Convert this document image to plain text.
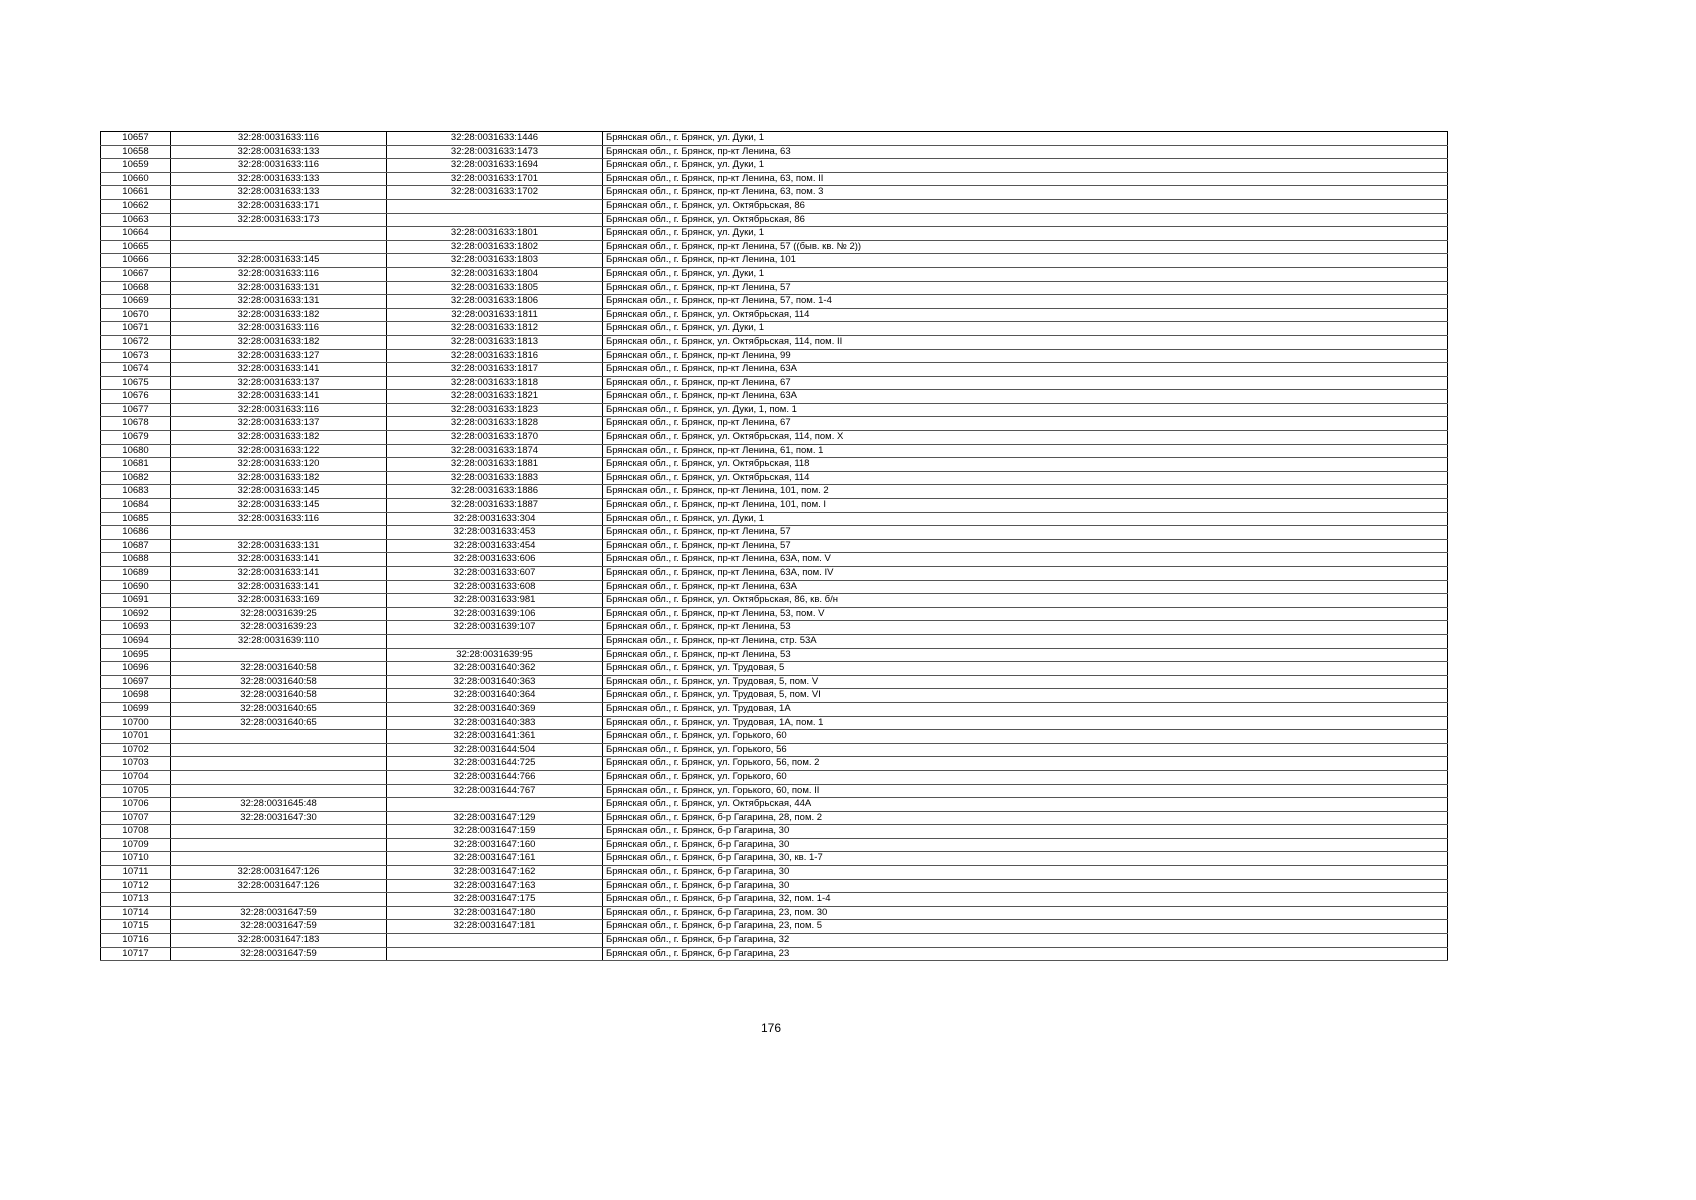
10657	32:28:0031633:116	32:28:0031633:1446	Брянская обл., г. Брянск, ул. Дуки, 1
10658	32:28:0031633:133	32:28:0031633:1473	Брянская обл., г. Брянск, пр-кт Ленина, 63
10659	32:28:0031633:116	32:28:0031633:1694	Брянская обл., г. Брянск, ул. Дуки, 1
10660	32:28:0031633:133	32:28:0031633:1701	Брянская обл., г. Брянск, пр-кт Ленина, 63, пом. II
10661	32:28:0031633:133	32:28:0031633:1702	Брянская обл., г. Брянск, пр-кт Ленина, 63, пом. 3
10662	32:28:0031633:171		Брянская обл., г. Брянск, ул. Октябрьская, 86
10663	32:28:0031633:173		Брянская обл., г. Брянск, ул. Октябрьская, 86
10664		32:28:0031633:1801	Брянская обл., г. Брянск, ул. Дуки, 1
10665		32:28:0031633:1802	Брянская обл., г. Брянск, пр-кт Ленина, 57 ((быв. кв. № 2))
10666	32:28:0031633:145	32:28:0031633:1803	Брянская обл., г. Брянск, пр-кт Ленина, 101
10667	32:28:0031633:116	32:28:0031633:1804	Брянская обл., г. Брянск, ул. Дуки, 1
10668	32:28:0031633:131	32:28:0031633:1805	Брянская обл., г. Брянск, пр-кт Ленина, 57
10669	32:28:0031633:131	32:28:0031633:1806	Брянская обл., г. Брянск, пр-кт Ленина, 57, пом. 1-4
10670	32:28:0031633:182	32:28:0031633:1811	Брянская обл., г. Брянск, ул. Октябрьская, 114
10671	32:28:0031633:116	32:28:0031633:1812	Брянская обл., г. Брянск, ул. Дуки, 1
10672	32:28:0031633:182	32:28:0031633:1813	Брянская обл., г. Брянск, ул. Октябрьская, 114, пом. II
10673	32:28:0031633:127	32:28:0031633:1816	Брянская обл., г. Брянск, пр-кт Ленина, 99
10674	32:28:0031633:141	32:28:0031633:1817	Брянская обл., г. Брянск, пр-кт Ленина, 63А
10675	32:28:0031633:137	32:28:0031633:1818	Брянская обл., г. Брянск, пр-кт Ленина, 67
10676	32:28:0031633:141	32:28:0031633:1821	Брянская обл., г. Брянск, пр-кт Ленина, 63А
10677	32:28:0031633:116	32:28:0031633:1823	Брянская обл., г. Брянск, ул. Дуки, 1, пом. 1
10678	32:28:0031633:137	32:28:0031633:1828	Брянская обл., г. Брянск, пр-кт Ленина, 67
10679	32:28:0031633:182	32:28:0031633:1870	Брянская обл., г. Брянск, ул. Октябрьская, 114, пом. X
10680	32:28:0031633:122	32:28:0031633:1874	Брянская обл., г. Брянск, пр-кт Ленина, 61, пом. 1
10681	32:28:0031633:120	32:28:0031633:1881	Брянская обл., г. Брянск, ул. Октябрьская, 118
10682	32:28:0031633:182	32:28:0031633:1883	Брянская обл., г. Брянск, ул. Октябрьская, 114
10683	32:28:0031633:145	32:28:0031633:1886	Брянская обл., г. Брянск, пр-кт Ленина, 101, пом. 2
10684	32:28:0031633:145	32:28:0031633:1887	Брянская обл., г. Брянск, пр-кт Ленина, 101, пом. I
10685	32:28:0031633:116	32:28:0031633:304	Брянская обл., г. Брянск, ул. Дуки, 1
10686		32:28:0031633:453	Брянская обл., г. Брянск, пр-кт Ленина, 57
10687	32:28:0031633:131	32:28:0031633:454	Брянская обл., г. Брянск, пр-кт Ленина, 57
10688	32:28:0031633:141	32:28:0031633:606	Брянская обл., г. Брянск, пр-кт Ленина, 63А, пом. V
10689	32:28:0031633:141	32:28:0031633:607	Брянская обл., г. Брянск, пр-кт Ленина, 63А, пом. IV
10690	32:28:0031633:141	32:28:0031633:608	Брянская обл., г. Брянск, пр-кт Ленина, 63А
10691	32:28:0031633:169	32:28:0031633:981	Брянская обл., г. Брянск, ул. Октябрьская, 86, кв. б/н
10692	32:28:0031639:25	32:28:0031639:106	Брянская обл., г. Брянск, пр-кт Ленина, 53, пом. V
10693	32:28:0031639:23	32:28:0031639:107	Брянская обл., г. Брянск, пр-кт Ленина, 53
10694	32:28:0031639:110		Брянская обл., г. Брянск, пр-кт Ленина, стр. 53А
10695		32:28:0031639:95	Брянская обл., г. Брянск, пр-кт Ленина, 53
10696	32:28:0031640:58	32:28:0031640:362	Брянская обл., г. Брянск, ул. Трудовая, 5
10697	32:28:0031640:58	32:28:0031640:363	Брянская обл., г. Брянск, ул. Трудовая, 5, пом. V
10698	32:28:0031640:58	32:28:0031640:364	Брянская обл., г. Брянск, ул. Трудовая, 5, пом. VI
10699	32:28:0031640:65	32:28:0031640:369	Брянская обл., г. Брянск, ул. Трудовая, 1А
10700	32:28:0031640:65	32:28:0031640:383	Брянская обл., г. Брянск, ул. Трудовая, 1А, пом. 1
10701		32:28:0031641:361	Брянская обл., г. Брянск, ул. Горького, 60
10702		32:28:0031644:504	Брянская обл., г. Брянск, ул. Горького, 56
10703		32:28:0031644:725	Брянская обл., г. Брянск, ул. Горького, 56, пом. 2
10704		32:28:0031644:766	Брянская обл., г. Брянск, ул. Горького, 60
10705		32:28:0031644:767	Брянская обл., г. Брянск, ул. Горького, 60, пом. II
10706	32:28:0031645:48		Брянская обл., г. Брянск, ул. Октябрьская, 44А
10707	32:28:0031647:30	32:28:0031647:129	Брянская обл., г. Брянск, б-р Гагарина, 28, пом. 2
10708		32:28:0031647:159	Брянская обл., г. Брянск, б-р Гагарина, 30
10709		32:28:0031647:160	Брянская обл., г. Брянск, б-р Гагарина, 30
10710		32:28:0031647:161	Брянская обл., г. Брянск, б-р Гагарина, 30, кв. 1-7
10711	32:28:0031647:126	32:28:0031647:162	Брянская обл., г. Брянск, б-р Гагарина, 30
10712	32:28:0031647:126	32:28:0031647:163	Брянская обл., г. Брянск, б-р Гагарина, 30
10713		32:28:0031647:175	Брянская обл., г. Брянск, б-р Гагарина, 32, пом. 1-4
10714	32:28:0031647:59	32:28:0031647:180	Брянская обл., г. Брянск, б-р Гагарина, 23, пом. 30
10715	32:28:0031647:59	32:28:0031647:181	Брянская обл., г. Брянск, б-р Гагарина, 23, пом. 5
10716	32:28:0031647:183		Брянская обл., г. Брянск, б-р Гагарина, 32
10717	32:28:0031647:59		Брянская обл., г. Брянск, б-р Гагарина, 23
176
